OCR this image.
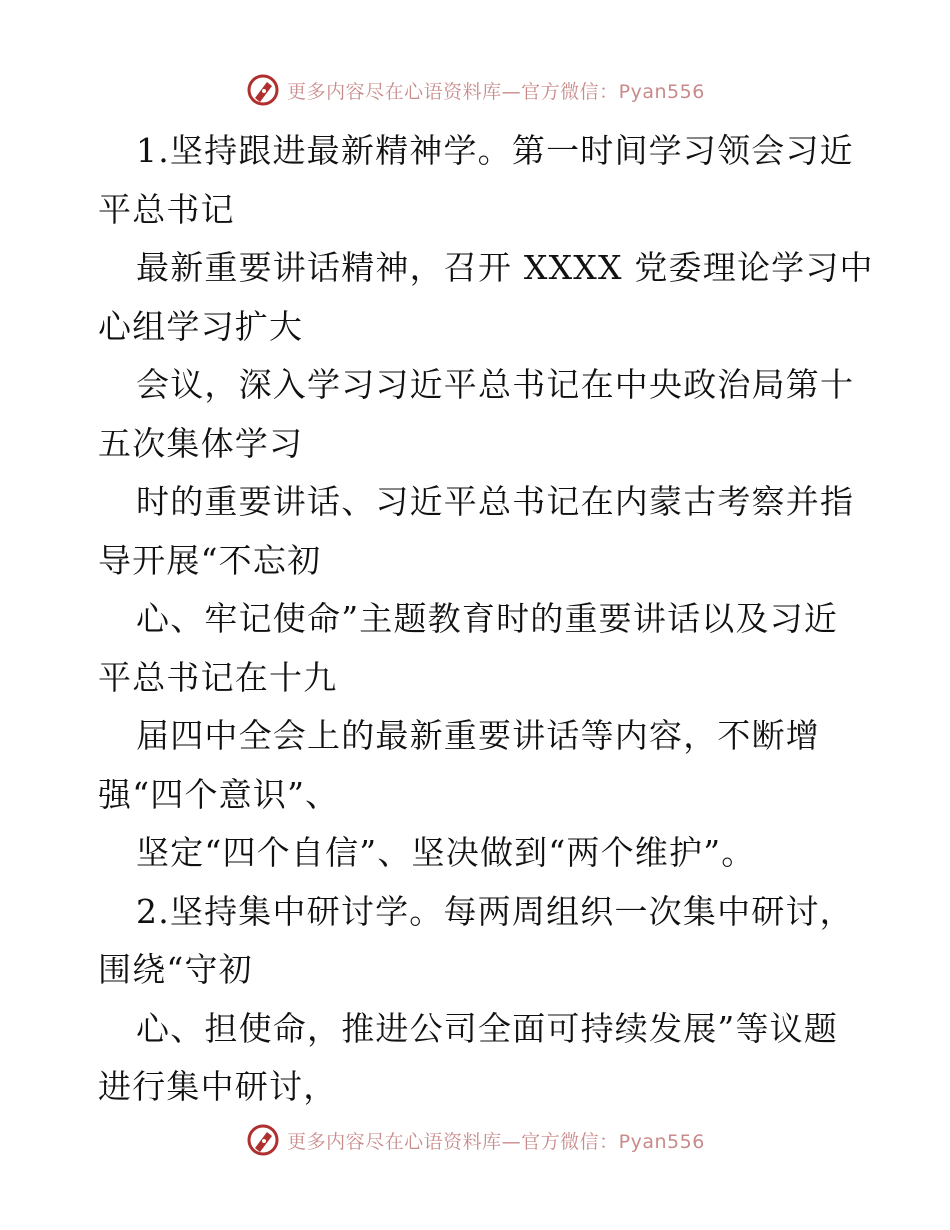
更多内容尽在心语资料库—官方微信：Pyan556
1.坚持跟进最新精神学。第一时间学习领会习近
平总书记
最新重要讲话精神，召开 XXXX 党委理论学习中
心组学习扩大
会议，深入学习习近平总书记在中央政治局第十
五次集体学习
时的重要讲话、习近平总书记在内蒙古考察并指
导开展“不忘初
心、牢记使命”主题教育时的重要讲话以及习近
平总书记在十九
届四中全会上的最新重要讲话等内容，不断增
强“四个意识”、
坚定“四个自信”、坚决做到“两个维护”。
2.坚持集中研讨学。每两周组织一次集中研讨，
围绕“守初
心、担使命，推进公司全面可持续发展”等议题
进行集中研讨，
更多内容尽在心语资料库—官方微信：Pyan556
